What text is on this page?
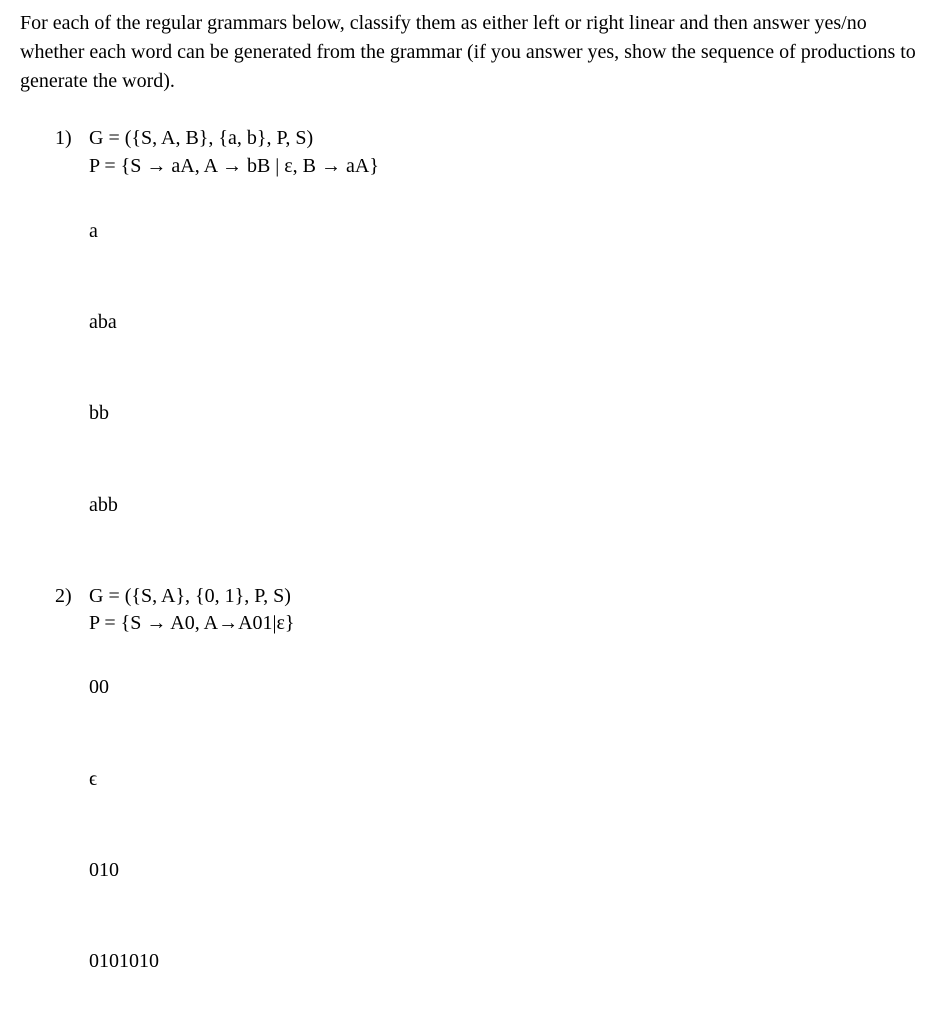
For each of the regular grammars below, classify them as either left or right linear and then answer yes/no whether each word can be generated from the grammar (if you answer yes, show the sequence of productions to generate the word).

1) G = ({S, A, B}, {a, b}, P, S)
P = {S → aA, A → bB | ε, B → aA}
a
aba
bb
abb
2) G = ({S, A}, {0, 1}, P, S)
P = {S → A0, A→A01|ε}
00
ϵ
010
0101010
